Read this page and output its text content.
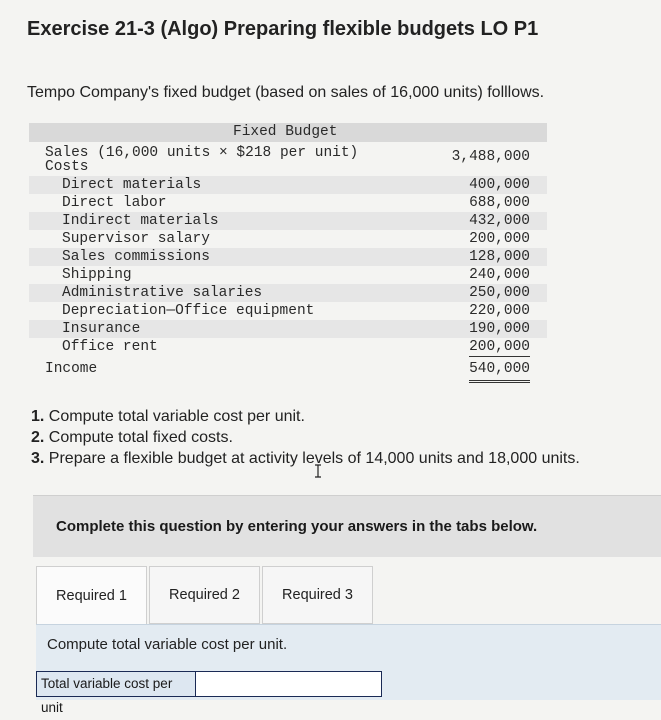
Exercise 21-3 (Algo) Preparing flexible budgets LO P1
Tempo Company's fixed budget (based on sales of 16,000 units) folllows.
Fixed Budget
Sales (16,000 units × $218 per unit)	3,488,000
Costs
Direct materials	400,000
Direct labor	688,000
Indirect materials	432,000
Supervisor salary	200,000
Sales commissions	128,000
Shipping	240,000
Administrative salaries	250,000
Depreciation—Office equipment	220,000
Insurance	190,000
Office rent	200,000
Income	540,000
1. Compute total variable cost per unit.
2. Compute total fixed costs.
3. Prepare a flexible budget at activity levels of 14,000 units and 18,000 units.
Complete this question by entering your answers in the tabs below.
Required 1	Required 2	Required 3
Compute total variable cost per unit.
Total variable cost per unit
